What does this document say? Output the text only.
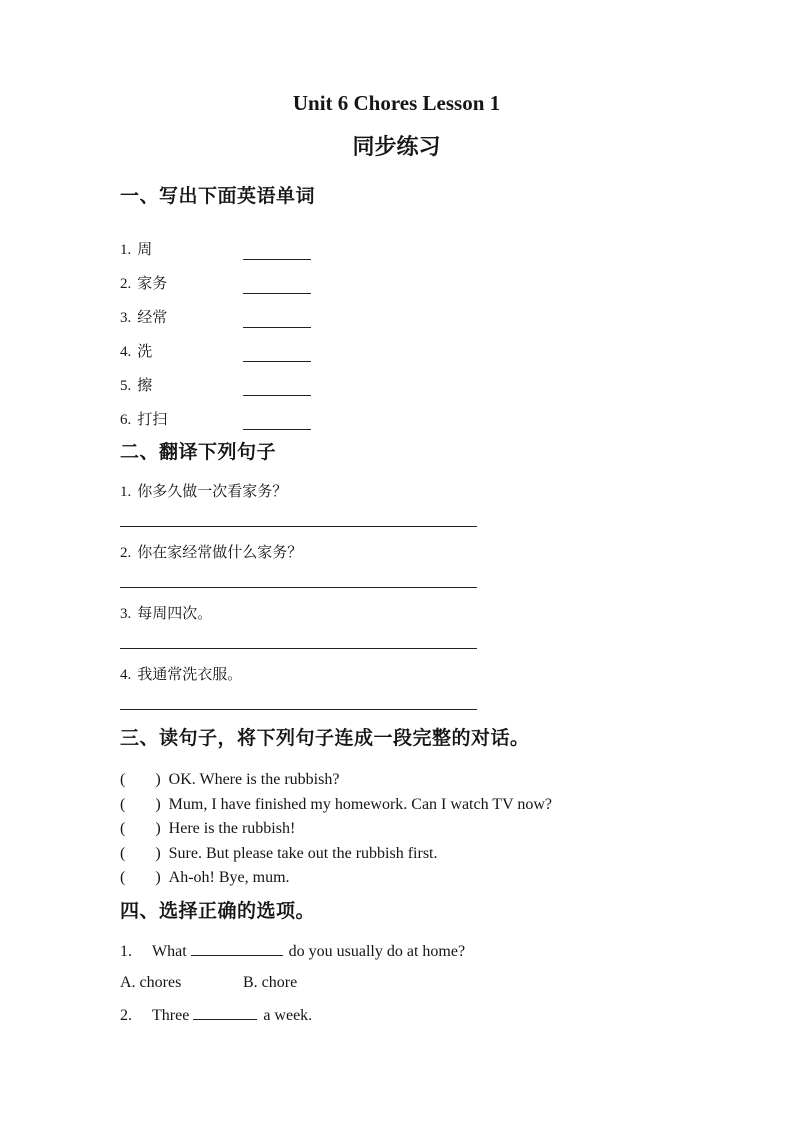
Unit 6 Chores Lesson 1
同步练习
一、写出下面英语单词
1. 周
2. 家务
3. 经常
4. 洗
5. 擦
6. 打扫
二、翻译下列句子
1. 你多久做一次看家务？
2. 你在家经常做什么家务？
3. 每周四次。
4. 我通常洗衣服。
三、读句子，将下列句子连成一段完整的对话。
( ) OK. Where is the rubbish?
( ) Mum, I have finished my homework. Can I watch TV now?
( ) Here is the rubbish!
( ) Sure. But please take out the rubbish first.
( ) Ah-oh! Bye, mum.
四、选择正确的选项。
1. What	do you usually do at home?
A. chores	B. chore
2. Three	a week.
